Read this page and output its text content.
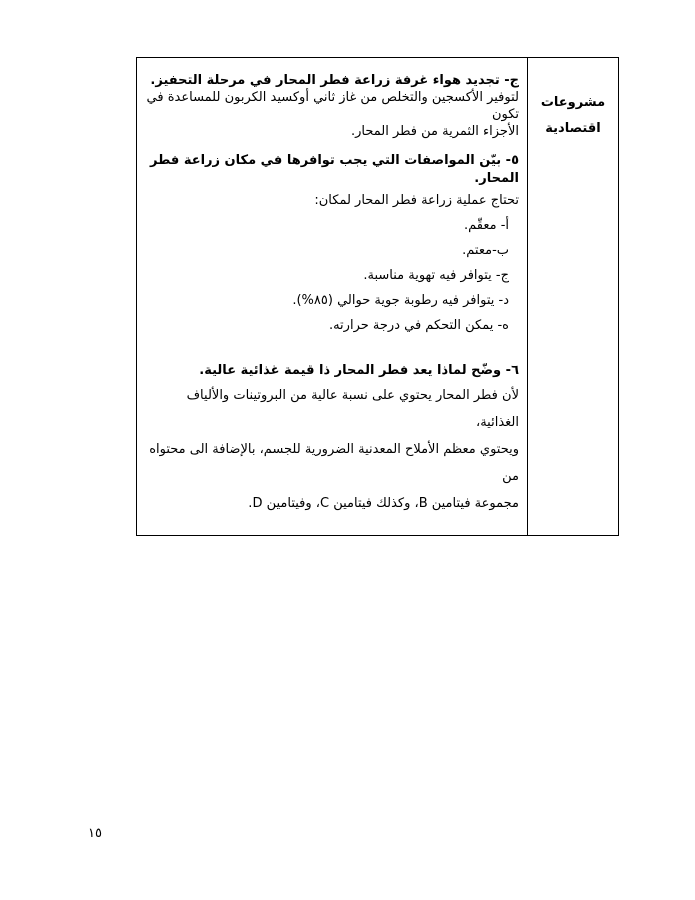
مشروعات
اقتصادية

ج- تجديد هواء غرفة زراعة فطر المحار في مرحلة التحفيز.

لتوفير الأكسجين والتخلص من غاز ثاني أوكسيد الكربون للمساعدة في تكون

الأجزاء الثمرية من فطر المحار.

٥- بيّن المواصفات التي يجب توافرها في مكان زراعة فطر المحار.

تحتاج عملية زراعة فطر المحار لمكان:

أ- معقّم.

ب-معتم.

ج- يتوافر فيه تهوية مناسبة.

د- يتوافر فيه رطوبة جوية حوالي (٨٥%).

ه- يمكن التحكم في درجة حرارته.

٦- وضّح لماذا يعد فطر المحار ذا قيمة غذائية عالية.

لأن فطر المحار يحتوي على نسبة عالية من البروتينات والألياف الغذائية،

ويحتوي معظم الأملاح المعدنية الضرورية للجسم، بالإضافة الى محتواه من

مجموعة فيتامين B، وكذلك فيتامين C، وفيتامين D.

١٥
